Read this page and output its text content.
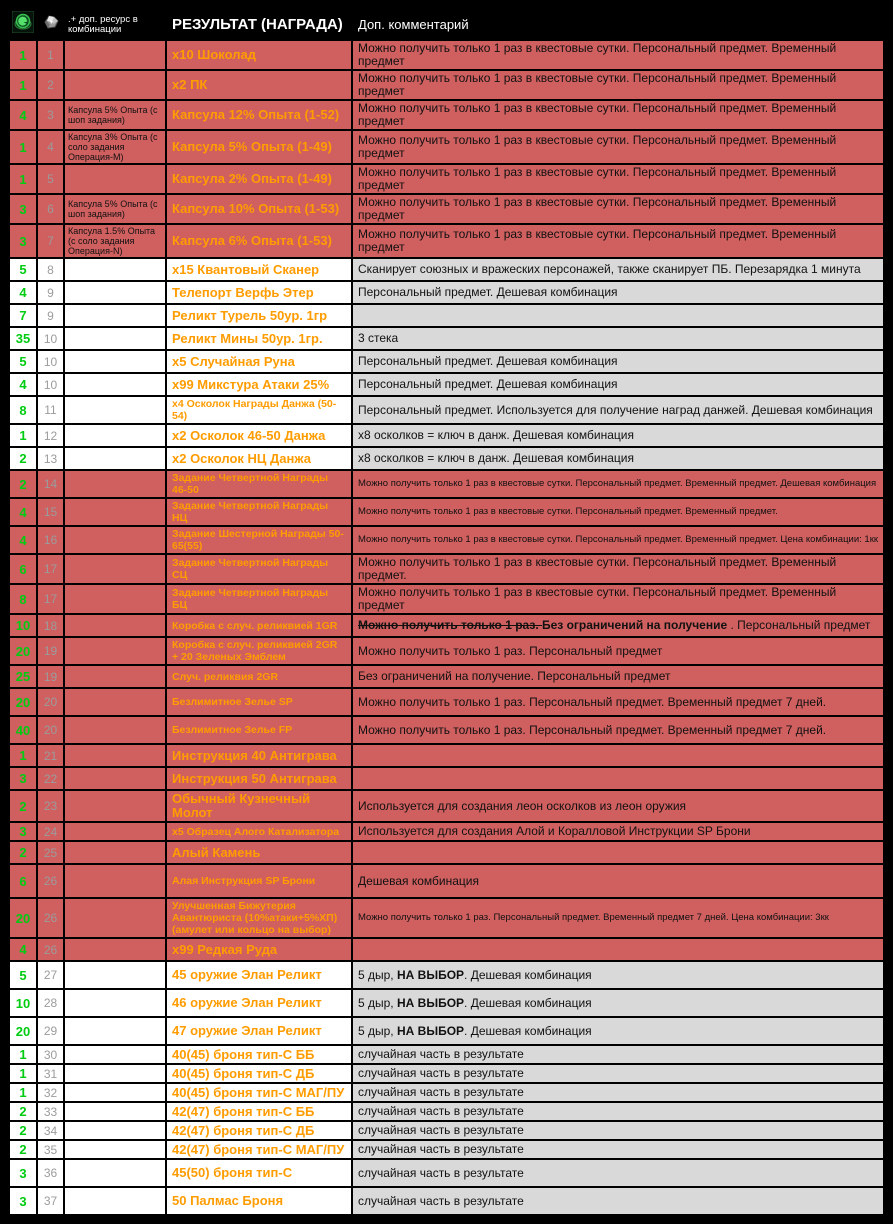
		.+ доп. ресурс в комбинации	РЕЗУЛЬТАТ (НАГРАДА)	Доп. комментарий
1	1		х10 Шоколад	Можно получить только 1 раз в квестовые сутки. Персональный предмет. Временный предмет
1	2		х2 ПК	Можно получить только 1 раз в квестовые сутки. Персональный предмет. Временный предмет
4	3	Капсула 5% Опыта (с шоп задания)	Капсула 12% Опыта (1-52)	Можно получить только 1 раз в квестовые сутки. Персональный предмет. Временный предмет
1	4	Капсула 3% Опыта (с соло задания Операция-М)	Капсула 5% Опыта (1-49)	Можно получить только 1 раз в квестовые сутки. Персональный предмет. Временный предмет
1	5		Капсула 2% Опыта (1-49)	Можно получить только 1 раз в квестовые сутки. Персональный предмет. Временный предмет
3	6	Капсула 5% Опыта (с шоп задания)	Капсула 10% Опыта (1-53)	Можно получить только 1 раз в квестовые сутки. Персональный предмет. Временный предмет
3	7	Капсула 1.5% Опыта (с соло задания Операция-N)	Капсула 6% Опыта (1-53)	Можно получить только 1 раз в квестовые сутки. Персональный предмет. Временный предмет
5	8		х15 Квантовый Сканер	Сканирует союзных и вражеских персонажей, также сканирует ПБ. Перезарядка 1 минута
4	9		Телепорт Верфь Этер	Персональный предмет. Дешевая комбинация
7	9		Реликт Турель 50ур. 1гр	
35	10		Реликт Мины 50ур. 1гр.	3 стека
5	10		х5 Случайная Руна	Персональный предмет. Дешевая комбинация
4	10		х99 Микстура Атаки 25%	Персональный предмет. Дешевая комбинация
8	11		х4 Осколок Награды Данжа (50-54)	Персональный предмет. Используется для получение наград данжей. Дешевая комбинация
1	12		х2 Осколок 46-50 Данжа	х8 осколков = ключ в данж. Дешевая комбинация
2	13		х2 Осколок НЦ Данжа	х8 осколков = ключ в данж. Дешевая комбинация
2	14		Задание Четвертной Награды 46-50	Можно получить только 1 раз в квестовые сутки. Персональный предмет. Временный предмет. Дешевая комбинация
4	15		Задание Четвертной Награды НЦ	Можно получить только 1 раз в квестовые сутки. Персональный предмет. Временный предмет.
4	16		Задание Шестерной Награды 50-65(55)	Можно получить только 1 раз в квестовые сутки. Персональный предмет. Временный предмет. Цена комбинации: 1кк
6	17		Задание Четвертной Награды СЦ	Можно получить только 1 раз в квестовые сутки. Персональный предмет. Временный предмет.
8	17		Задание Четвертной Награды БЦ	Можно получить только 1 раз в квестовые сутки. Персональный предмет. Временный предмет
10	18		Коробка с случ. реликвией 1GR	Можно получить только 1 раз. Без ограничений на получение . Персональный предмет
20	19		Коробка с случ. реликвией 2GR + 20 Зеленых Эмблем	Можно получить только 1 раз. Персональный предмет
25	19		Случ. реликвия 2GR	Без ограничений на получение. Персональный предмет
20	20		Безлимитное Зелье SP	Можно получить только 1 раз. Персональный предмет. Временный предмет 7 дней.
40	20		Безлимитное Зелье FP	Можно получить только 1 раз. Персональный предмет. Временный предмет 7 дней.
1	21		Инструкция 40 Антиграва	
3	22		Инструкция 50 Антиграва	
2	23		Обычный Кузнечный Молот	Используется для создания леон осколков из леон оружия
3	24		х5 Образец Алого Катализатора	Используется для создания Алой и Коралловой Инструкции SP Брони
2	25		Алый Камень	
6	26		Алая Инструкция SP Брони	Дешевая комбинация
20	26		Улучшенная Бижутерия Авантюриста (10%атаки+5%ХП)(амулет или кольцо на выбор)	Можно получить только 1 раз. Персональный предмет. Временный предмет 7 дней. Цена комбинации: 3кк
4	26		х99 Редкая Руда	
5	27		45 оружие Элан Реликт	5 дыр, НА ВЫБОР. Дешевая комбинация
10	28		46 оружие Элан Реликт	5 дыр, НА ВЫБОР. Дешевая комбинация
20	29		47 оружие Элан Реликт	5 дыр, НА ВЫБОР. Дешевая комбинация
1	30		40(45) броня тип-С ББ	случайная часть в результате
1	31		40(45) броня тип-С ДБ	случайная часть в результате
1	32		40(45) броня тип-С МАГ/ПУ	случайная часть в результате
2	33		42(47) броня тип-С ББ	случайная часть в результате
2	34		42(47) броня тип-С ДБ	случайная часть в результате
2	35		42(47) броня тип-С МАГ/ПУ	случайная часть в результате
3	36		45(50) броня тип-С	случайная часть в результате
3	37		50 Палмас Броня	случайная часть в результате
